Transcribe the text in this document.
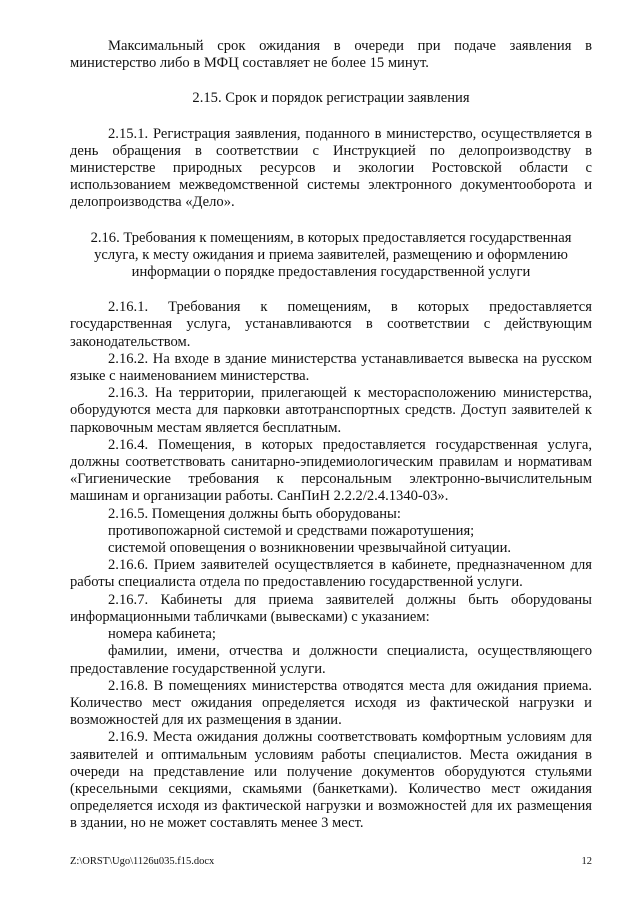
Максимальный срок ожидания в очереди при подаче заявления в министерство либо в МФЦ составляет не более 15 минут.

2.15. Срок и порядок регистрации заявления

2.15.1. Регистрация заявления, поданного в министерство, осуществляется в день обращения в соответствии с Инструкцией по делопроизводству в министерстве природных ресурсов и экологии Ростовской области с использованием межведомственной системы электронного документооборота и делопроизводства «Дело».

2.16. Требования к помещениям, в которых предоставляется государственная услуга, к месту ожидания и приема заявителей, размещению и оформлению информации о порядке предоставления государственной услуги

2.16.1. Требования к помещениям, в которых предоставляется государственная услуга, устанавливаются в соответствии с действующим законодательством.

2.16.2. На входе в здание министерства устанавливается вывеска на русском языке с наименованием министерства.

2.16.3. На территории, прилегающей к месторасположению министерства, оборудуются места для парковки автотранспортных средств. Доступ заявителей к парковочным местам является бесплатным.

2.16.4. Помещения, в которых предоставляется государственная услуга, должны соответствовать санитарно-эпидемиологическим правилам и нормативам «Гигиенические требования к персональным электронно-вычислительным машинам и организации работы. СанПиН 2.2.2/2.4.1340-03».

2.16.5. Помещения должны быть оборудованы:

противопожарной системой и средствами пожаротушения;

системой оповещения о возникновении чрезвычайной ситуации.

2.16.6. Прием заявителей осуществляется в кабинете, предназначенном для работы специалиста отдела по предоставлению государственной услуги.

2.16.7. Кабинеты для приема заявителей должны быть оборудованы информационными табличками (вывесками) с указанием:

номера кабинета;

фамилии, имени, отчества и должности специалиста, осуществляющего предоставление государственной услуги.

2.16.8. В помещениях министерства отводятся места для ожидания приема. Количество мест ожидания определяется исходя из фактической нагрузки и возможностей для их размещения в здании.

2.16.9. Места ожидания должны соответствовать комфортным условиям для заявителей и оптимальным условиям работы специалистов. Места ожидания в очереди на представление или получение документов оборудуются стульями (кресельными секциями, скамьями (банкетками). Количество мест ожидания определяется исходя из фактической нагрузки и возможностей для их размещения в здании, но не может составлять менее 3 мест.

Z:\ORST\Ugo\1126u035.f15.docx	12
